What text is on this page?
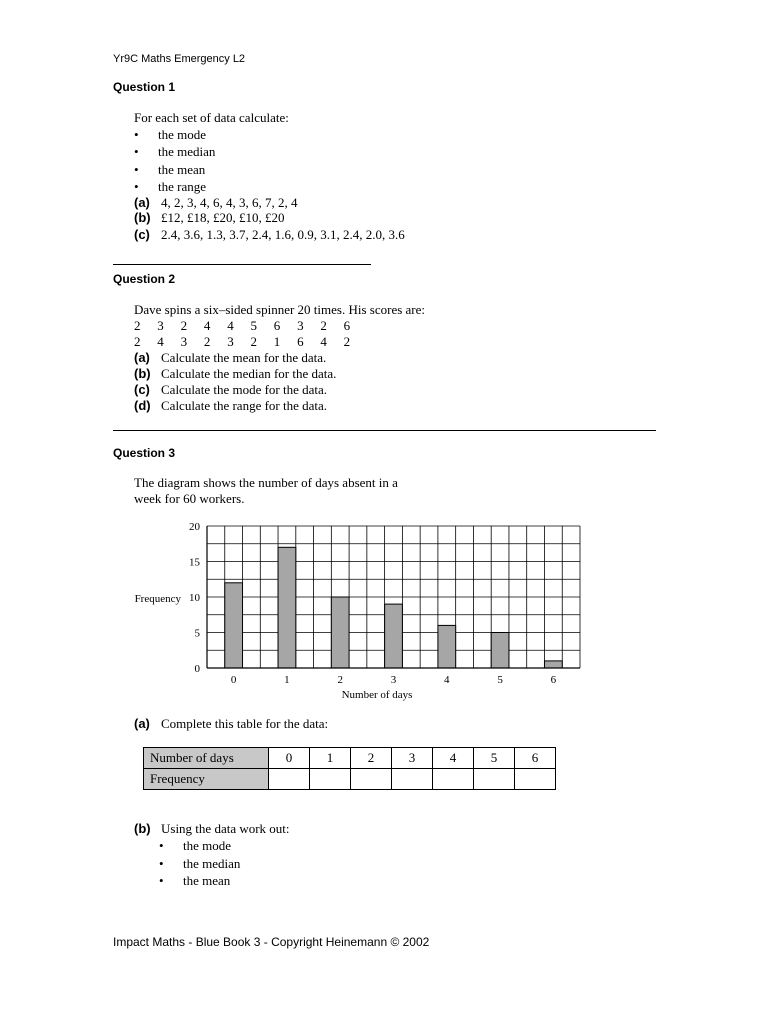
Yr9C Maths Emergency L2
Question 1
For each set of data calculate:
• the mode
• the median
• the mean
• the range
(a) 4, 2, 3, 4, 6, 4, 3, 6, 7, 2, 4
(b) £12, £18, £20, £10, £20
(c) 2.4, 3.6, 1.3, 3.7, 2.4, 1.6, 0.9, 3.1, 2.4, 2.0, 3.6
Question 2
Dave spins a six–sided spinner 20 times. His scores are:
2 3 2 4 4 5 6 3 2 6
2 4 3 2 3 2 1 6 4 2
(a) Calculate the mean for the data.
(b) Calculate the median for the data.
(c) Calculate the mode for the data.
(d) Calculate the range for the data.
Question 3
The diagram shows the number of days absent in a
week for 60 workers.
0	1	2	3	4	5	6
0
5
10
15
20
Frequency
Number of days
(a) Complete this table for the data:
Number of days	0	1	2	3	4	5	6
Frequency							
(b) Using the data work out:
• the mode
• the median
• the mean
Impact Maths - Blue Book 3 - Copyright Heinemann © 2002
